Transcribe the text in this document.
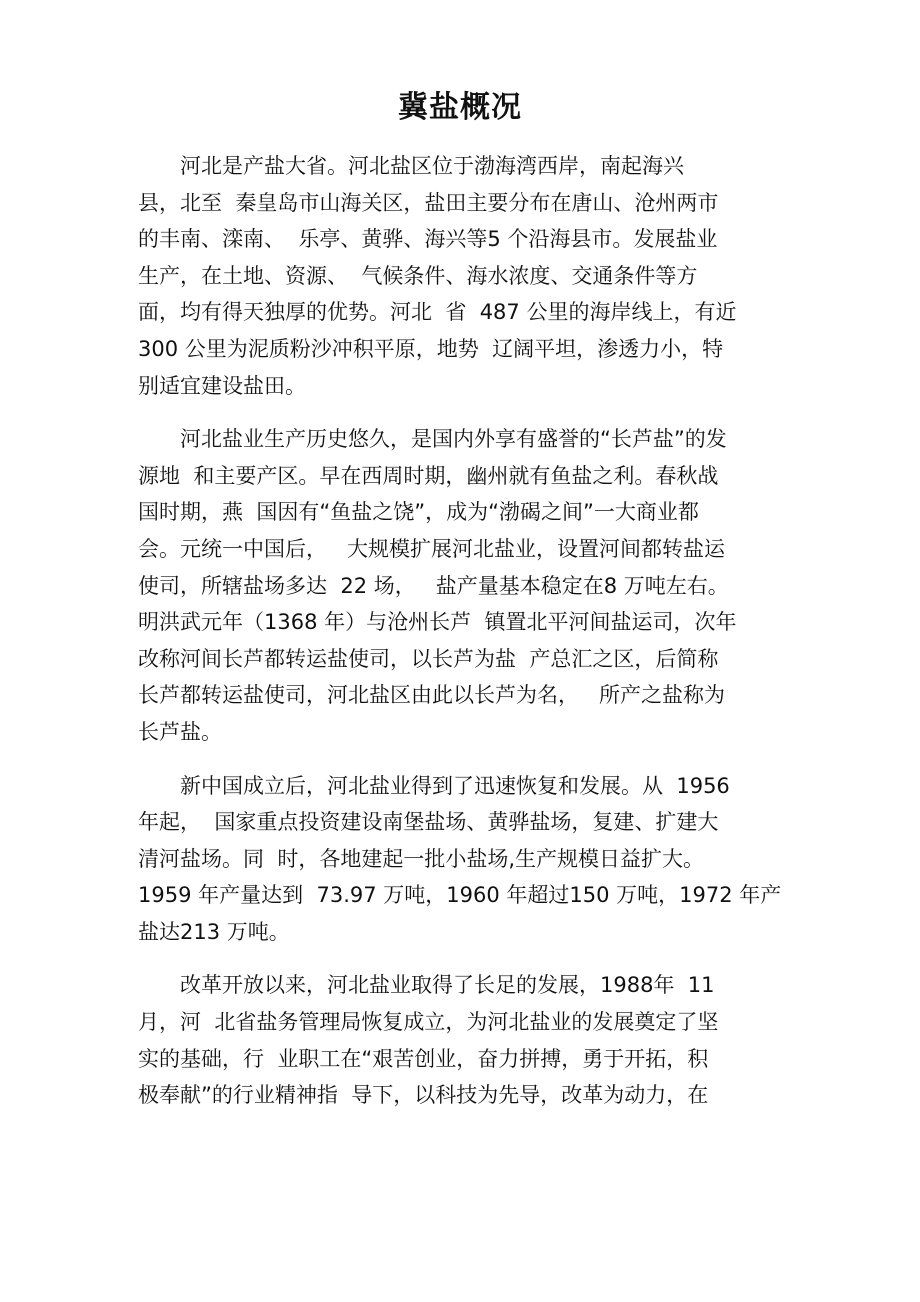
冀盐概况
河北是产盐大省。河北盐区位于渤海湾西岸，南起海兴
县，北至  秦皇岛市山海关区，盐田主要分布在唐山、沧州两市
的丰南、滦南、  乐亭、黄骅、海兴等5 个沿海县市。发展盐业
生产，在土地、资源、  气候条件、海水浓度、交通条件等方
面，均有得天独厚的优势。河北  省  487 公里的海岸线上，有近
300 公里为泥质粉沙冲积平原，地势  辽阔平坦，渗透力小，特
别适宜建设盐田。
河北盐业生产历史悠久，是国内外享有盛誉的“长芦盐”的发
源地  和主要产区。早在西周时期，幽州就有鱼盐之利。春秋战
国时期，燕  国因有“鱼盐之饶”，成为“渤碣之间”一大商业都
会。元统一中国后，   大规模扩展河北盐业，设置河间都转盐运
使司，所辖盐场多达  22 场，   盐产量基本稳定在8 万吨左右。
明洪武元年（1368 年）与沧州长芦  镇置北平河间盐运司，次年
改称河间长芦都转运盐使司，以长芦为盐  产总汇之区，后简称
长芦都转运盐使司，河北盐区由此以长芦为名，   所产之盐称为
长芦盐。
新中国成立后，河北盐业得到了迅速恢复和发展。从  1956
年起，  国家重点投资建设南堡盐场、黄骅盐场，复建、扩建大
清河盐场。同  时，各地建起一批小盐场,生产规模日益扩大。
1959 年产量达到  73.97 万吨，1960 年超过150 万吨，1972 年产
盐达213 万吨。
改革开放以来，河北盐业取得了长足的发展，1988年  11
月，河  北省盐务管理局恢复成立，为河北盐业的发展奠定了坚
实的基础，行  业职工在“艰苦创业，奋力拼搏，勇于开拓，积
极奉献”的行业精神指  导下，以科技为先导，改革为动力，在
